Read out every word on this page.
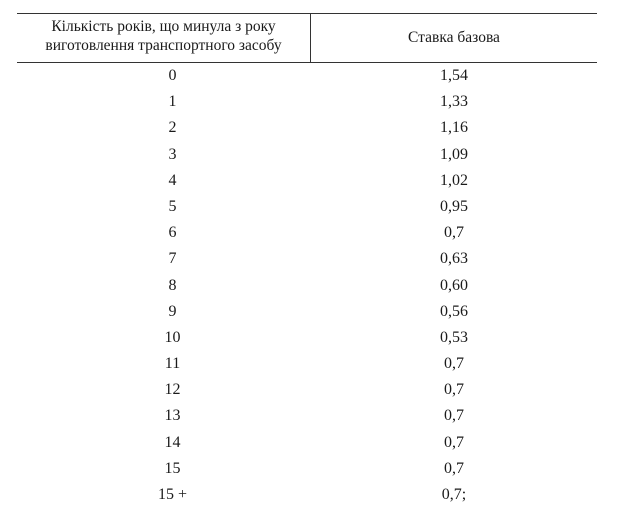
Кількість років, що минула з року
виготовлення транспортного засобу	Ставка базова
0	1,54
1	1,33
2	1,16
3	1,09
4	1,02
5	0,95
6	0,7
7	0,63
8	0,60
9	0,56
10	0,53
11	0,7
12	0,7
13	0,7
14	0,7
15	0,7
15 +	0,7;
